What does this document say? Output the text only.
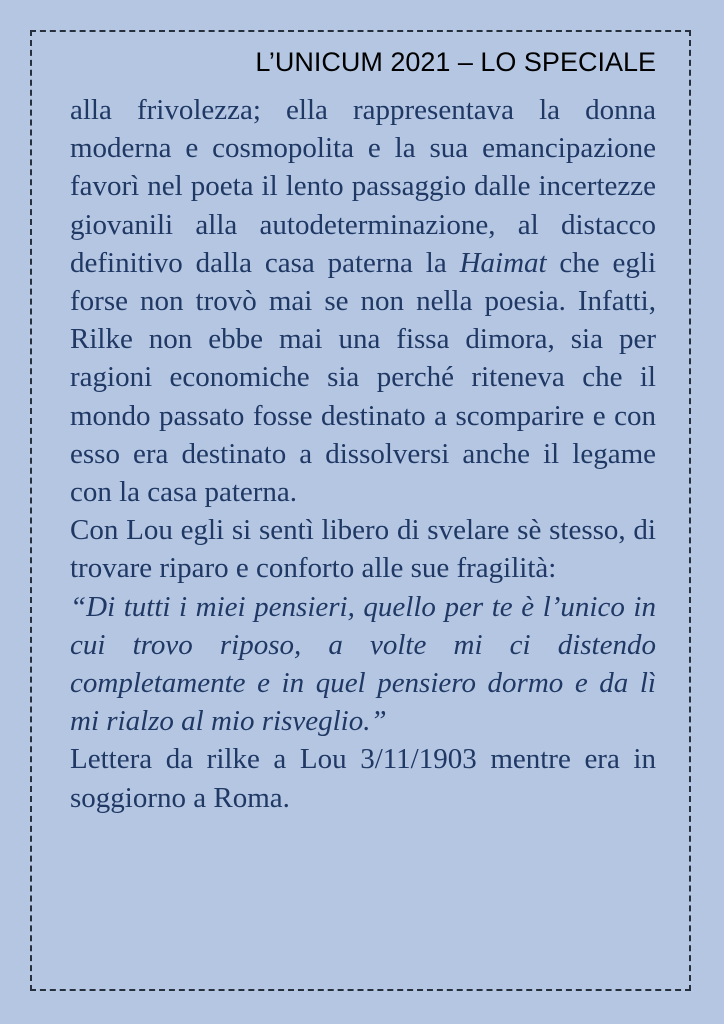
L’UNICUM 2021 – LO SPECIALE

alla frivolezza; ella rappresentava la donna moderna e cosmopolita e la sua emancipazione favorì nel poeta il lento passaggio dalle incertezze giovanili alla autodeterminazione, al distacco definitivo dalla casa paterna la Haimat che egli forse non trovò mai se non nella poesia. Infatti, Rilke non ebbe mai una fissa dimora, sia per ragioni economiche sia perché riteneva che il mondo passato fosse destinato a scomparire e con esso era destinato a dissolversi anche il legame con la casa paterna.

Con Lou egli si sentì libero di svelare sè stesso, di trovare riparo e conforto alle sue fragilità:

“Di tutti i miei pensieri, quello per te è l’unico in cui trovo riposo, a volte mi ci distendo completamente e in quel pensiero dormo e da lì mi rialzo al mio risveglio.”

Lettera da rilke a Lou 3/11/1903 mentre era in soggiorno a Roma.
